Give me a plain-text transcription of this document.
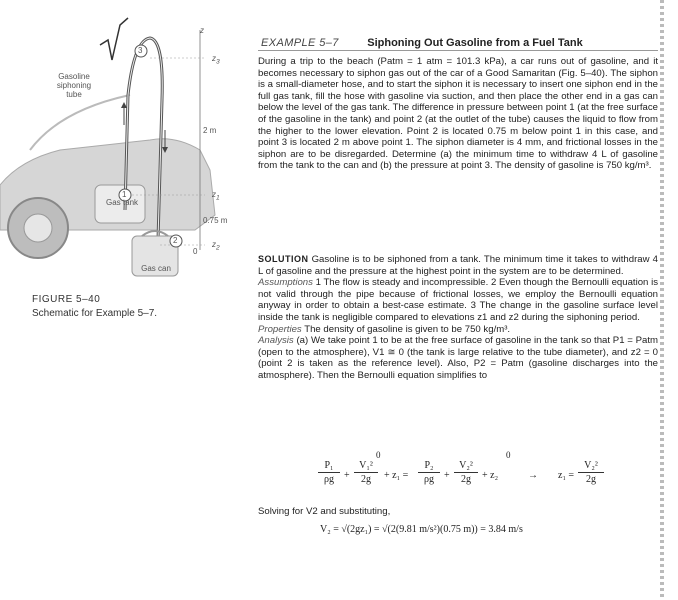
Gasoline siphoning tube
Gas tank
Gas can
z
$z_3$
$z_1$
$z_2$
2 m
0.75 m
0
1
2
3
FIGURE 5–40
Schematic for Example 5–7.
EXAMPLE 5–7	Siphoning Out Gasoline from a Fuel Tank
During a trip to the beach (Patm = 1 atm = 101.3 kPa), a car runs out of gasoline, and it becomes necessary to siphon gas out of the car of a Good Samaritan (Fig. 5–40). The siphon is a small-diameter hose, and to start the siphon it is necessary to insert one siphon end in the full gas tank, fill the hose with gasoline via suction, and then place the other end in a gas can below the level of the gas tank. The difference in pressure between point 1 (at the free surface of the gasoline in the tank) and point 2 (at the outlet of the tube) causes the liquid to flow from the higher to the lower elevation. Point 2 is located 0.75 m below point 1 in this case, and point 3 is located 2 m above point 1. The siphon diameter is 4 mm, and frictional losses in the siphon are to be disregarded. Determine (a) the minimum time to withdraw 4 L of gasoline from the tank to the can and (b) the pressure at point 3. The density of gasoline is 750 kg/m³.
SOLUTION Gasoline is to be siphoned from a tank. The minimum time it takes to withdraw 4 L of gasoline and the pressure at the highest point in the system are to be determined.
Assumptions 1 The flow is steady and incompressible. 2 Even though the Bernoulli equation is not valid through the pipe because of frictional losses, we employ the Bernoulli equation anyway in order to obtain a best-case estimate. 3 The change in the gasoline surface level inside the tank is negligible compared to elevations z1 and z2 during the siphoning period.
Properties The density of gasoline is given to be 750 kg/m³.
Analysis (a) We take point 1 to be at the free surface of gasoline in the tank so that P1 = Patm (open to the atmosphere), V1 ≅ 0 (the tank is large relative to the tube diameter), and z2 = 0 (point 2 is taken as the reference level). Also, P2 = Patm (gasoline discharges into the atmosphere). Then the Bernoulli equation simplifies to
P₁
ρg	+
V₁²
2g
0
+ z₁ =
P₂
ρg	+
V₂²
2g	+ z₂
0
→ z₁ =
V₂²
2g
Solving for V2 and substituting,
V₂ = √(2gz₁) = √(2(9.81 m/s²)(0.75 m)) = 3.84 m/s
